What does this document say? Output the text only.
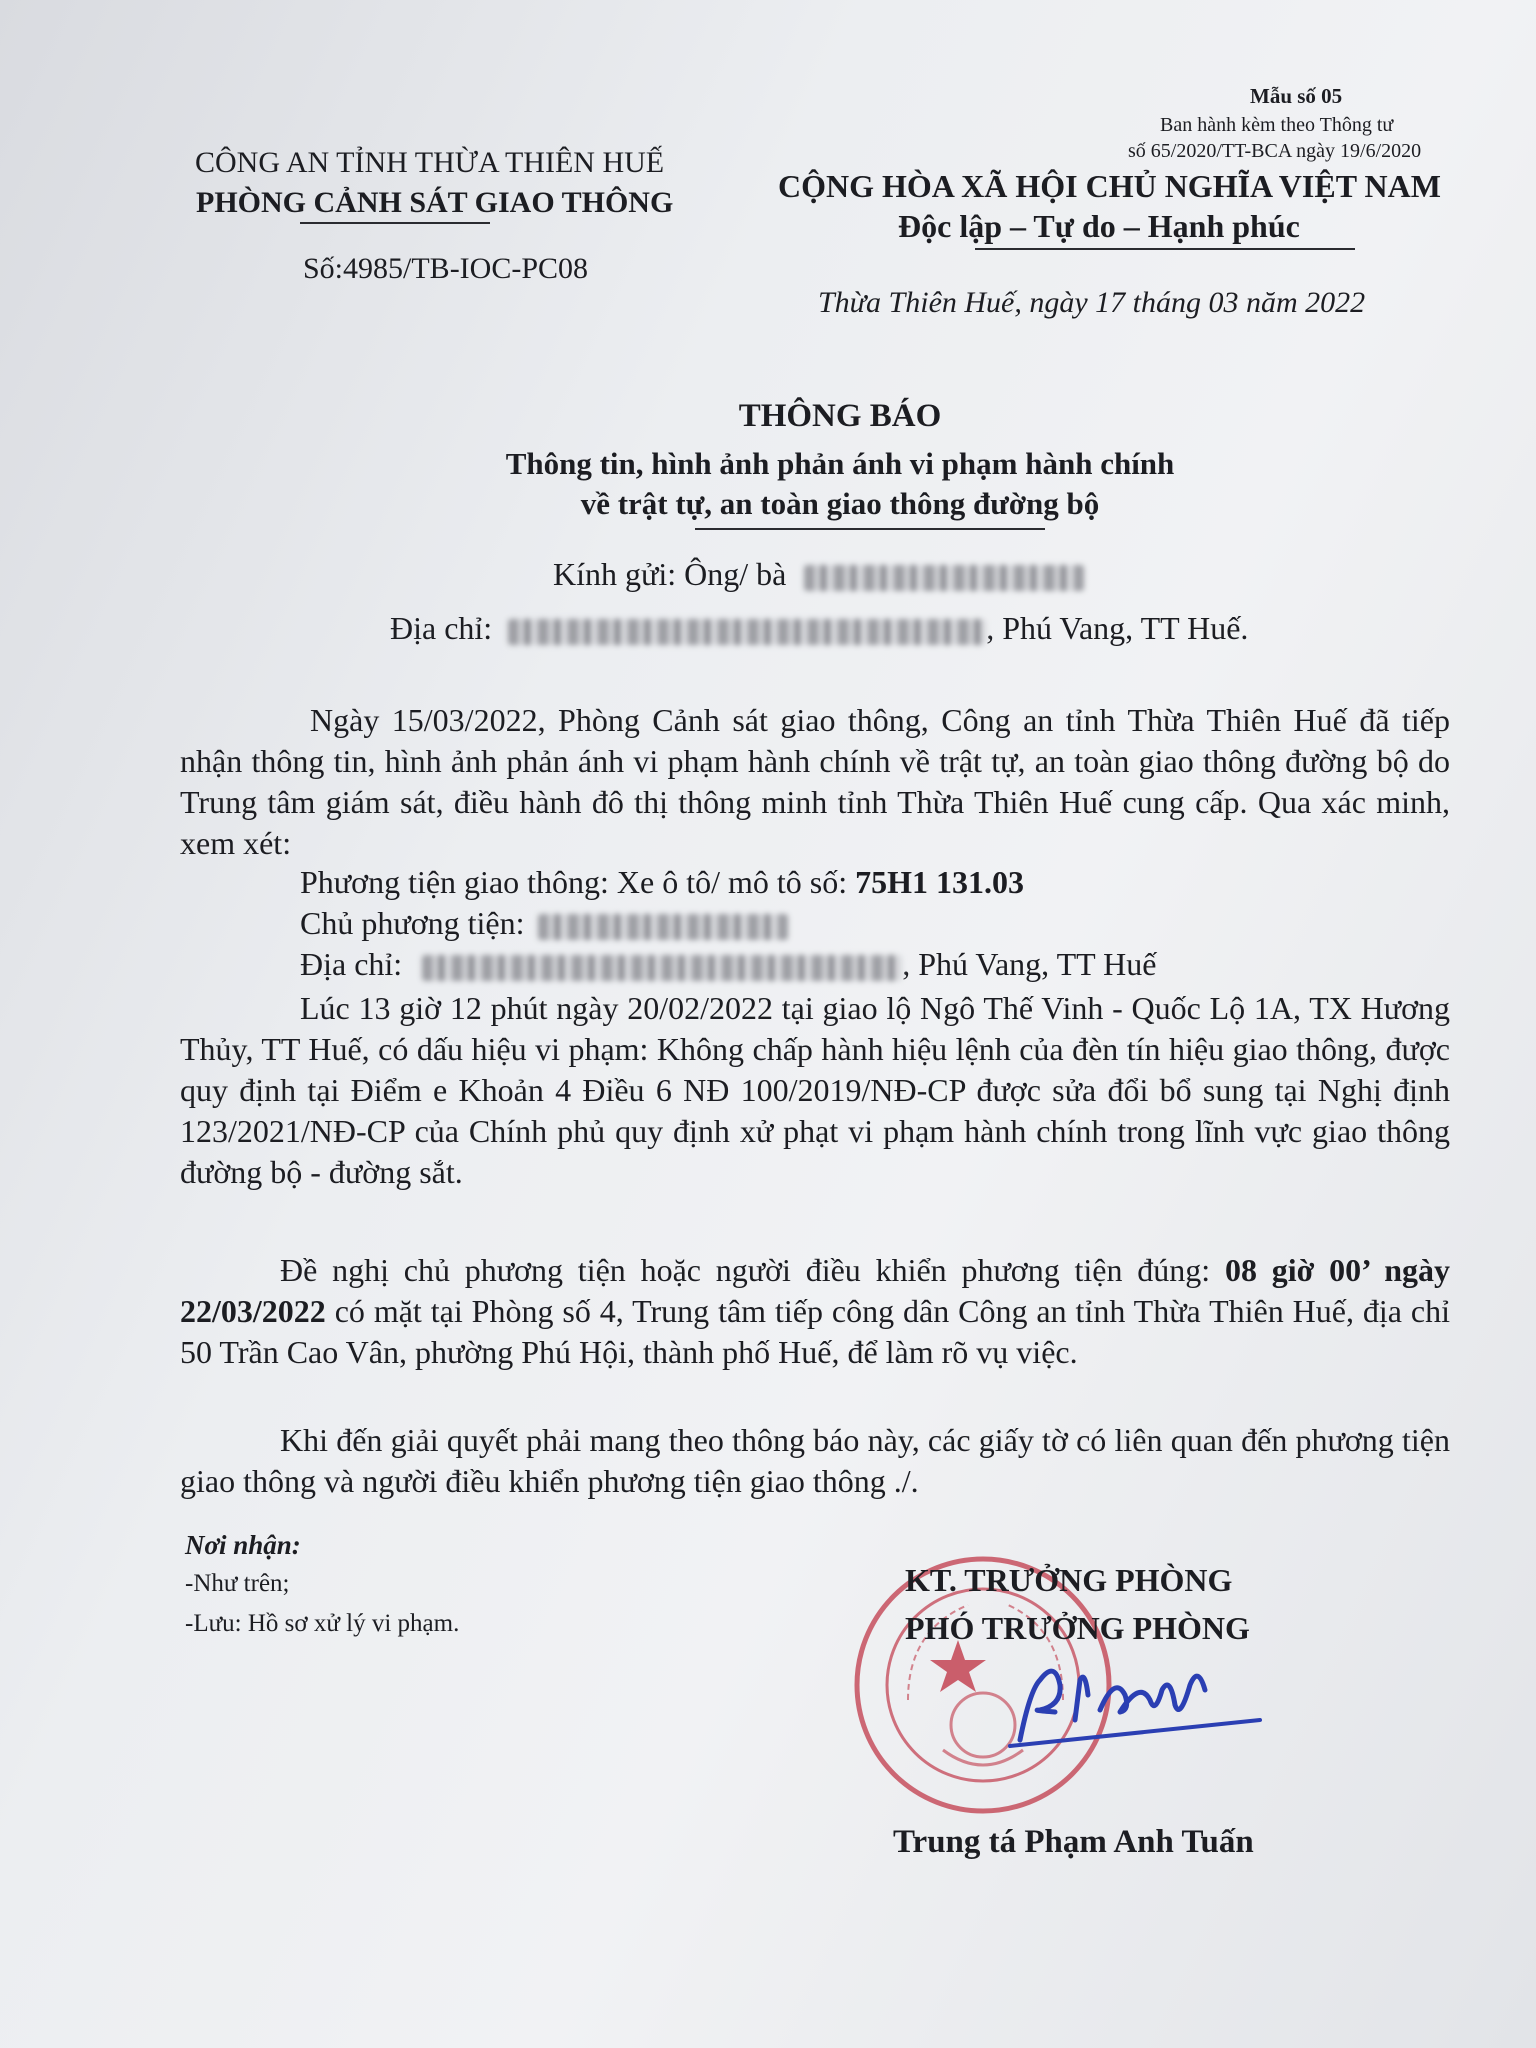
Mẫu số 05
Ban hành kèm theo Thông tư
số 65/2020/TT-BCA ngày 19/6/2020
CÔNG AN TỈNH THỪA THIÊN HUẾ
PHÒNG CẢNH SÁT GIAO THÔNG
Số:4985/TB-IOC-PC08
CỘNG HÒA XÃ HỘI CHỦ NGHĨA VIỆT NAM
Độc lập – Tự do – Hạnh phúc
Thừa Thiên Huế, ngày 17 tháng 03 năm 2022
THÔNG BÁO
Thông tin, hình ảnh phản ánh vi phạm hành chính
về trật tự, an toàn giao thông đường bộ
Kính gửi: Ông/ bà
Địa chỉ:	, Phú Vang, TT Huế.
Ngày 15/03/2022, Phòng Cảnh sát giao thông, Công an tỉnh Thừa Thiên Huế đã tiếp nhận thông tin, hình ảnh phản ánh vi phạm hành chính về trật tự, an toàn giao thông đường bộ do Trung tâm giám sát, điều hành đô thị thông minh tỉnh Thừa Thiên Huế cung cấp. Qua xác minh, xem xét:
Phương tiện giao thông: Xe ô tô/ mô tô số: 75H1 131.03
Chủ phương tiện:
Địa chỉ:	, Phú Vang, TT Huế
Lúc 13 giờ 12 phút ngày 20/02/2022 tại giao lộ Ngô Thế Vinh - Quốc Lộ 1A, TX Hương Thủy, TT Huế, có dấu hiệu vi phạm: Không chấp hành hiệu lệnh của đèn tín hiệu giao thông, được quy định tại Điểm e Khoản 4 Điều 6 NĐ 100/2019/NĐ-CP được sửa đổi bổ sung tại Nghị định 123/2021/NĐ-CP của Chính phủ quy định xử phạt vi phạm hành chính trong lĩnh vực giao thông đường bộ - đường sắt.
Đề nghị chủ phương tiện hoặc người điều khiển phương tiện đúng: 08 giờ 00’ ngày 22/03/2022 có mặt tại Phòng số 4, Trung tâm tiếp công dân Công an tỉnh Thừa Thiên Huế, địa chỉ 50 Trần Cao Vân, phường Phú Hội, thành phố Huế, để làm rõ vụ việc.
Khi đến giải quyết phải mang theo thông báo này, các giấy tờ có liên quan đến phương tiện giao thông và người điều khiển phương tiện giao thông ./.
Nơi nhận:
-Như trên;
-Lưu: Hồ sơ xử lý vi phạm.
KT. TRƯỞNG PHÒNG
PHÓ TRƯỞNG PHÒNG
Trung tá Phạm Anh Tuấn
